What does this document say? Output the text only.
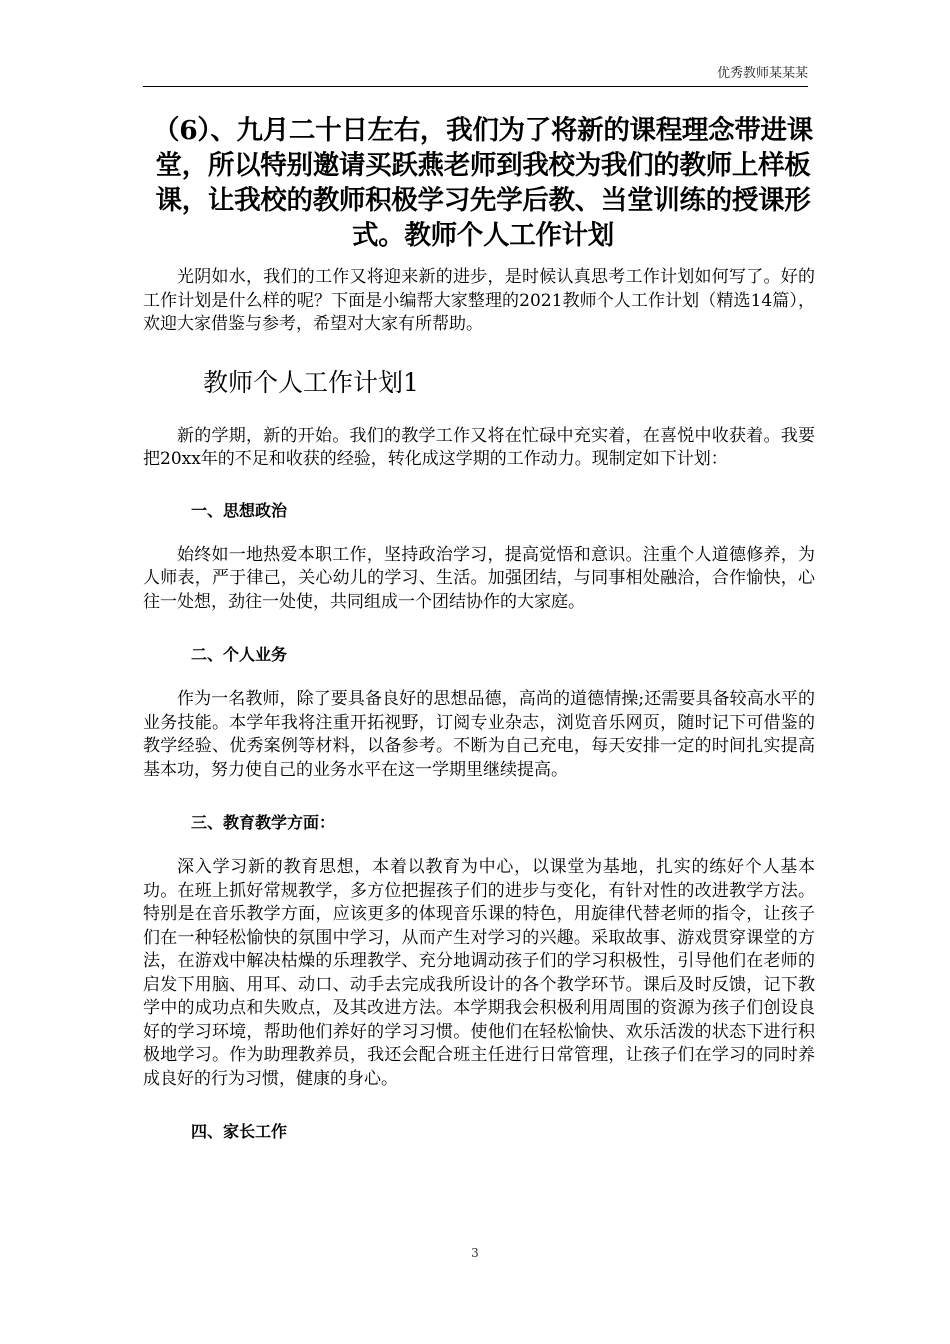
优秀教师某某某
（6）、九月二十日左右，我们为了将新的课程理念带进课堂，所以特别邀请买跃燕老师到我校为我们的教师上样板课，让我校的教师积极学习先学后教、当堂训练的授课形式。教师个人工作计划

光阴如水，我们的工作又将迎来新的进步，是时候认真思考工作计划如何写了。好的工作计划是什么样的呢？下面是小编帮大家整理的2021教师个人工作计划（精选14篇），欢迎大家借鉴与参考，希望对大家有所帮助。

教师个人工作计划1

新的学期，新的开始。我们的教学工作又将在忙碌中充实着，在喜悦中收获着。我要把20xx年的不足和收获的经验，转化成这学期的工作动力。现制定如下计划：

一、思想政治

始终如一地热爱本职工作，坚持政治学习，提高觉悟和意识。注重个人道德修养，为人师表，严于律己，关心幼儿的学习、生活。加强团结，与同事相处融洽，合作愉快，心往一处想，劲往一处使，共同组成一个团结协作的大家庭。

二、个人业务

作为一名教师，除了要具备良好的思想品德，高尚的道德情操;还需要具备较高水平的业务技能。本学年我将注重开拓视野，订阅专业杂志，浏览音乐网页，随时记下可借鉴的教学经验、优秀案例等材料，以备参考。不断为自己充电，每天安排一定的时间扎实提高基本功，努力使自己的业务水平在这一学期里继续提高。

三、教育教学方面：

深入学习新的教育思想，本着以教育为中心，以课堂为基地，扎实的练好个人基本功。在班上抓好常规教学，多方位把握孩子们的进步与变化，有针对性的改进教学方法。特别是在音乐教学方面，应该更多的体现音乐课的特色，用旋律代替老师的指令，让孩子们在一种轻松愉快的氛围中学习，从而产生对学习的兴趣。采取故事、游戏贯穿课堂的方法，在游戏中解决枯燥的乐理教学、充分地调动孩子们的学习积极性，引导他们在老师的启发下用脑、用耳、动口、动手去完成我所设计的各个教学环节。课后及时反馈，记下教学中的成功点和失败点，及其改进方法。本学期我会积极利用周围的资源为孩子们创设良好的学习环境，帮助他们养好的学习习惯。使他们在轻松愉快、欢乐活泼的状态下进行积极地学习。作为助理教养员，我还会配合班主任进行日常管理，让孩子们在学习的同时养成良好的行为习惯，健康的身心。

四、家长工作
3
